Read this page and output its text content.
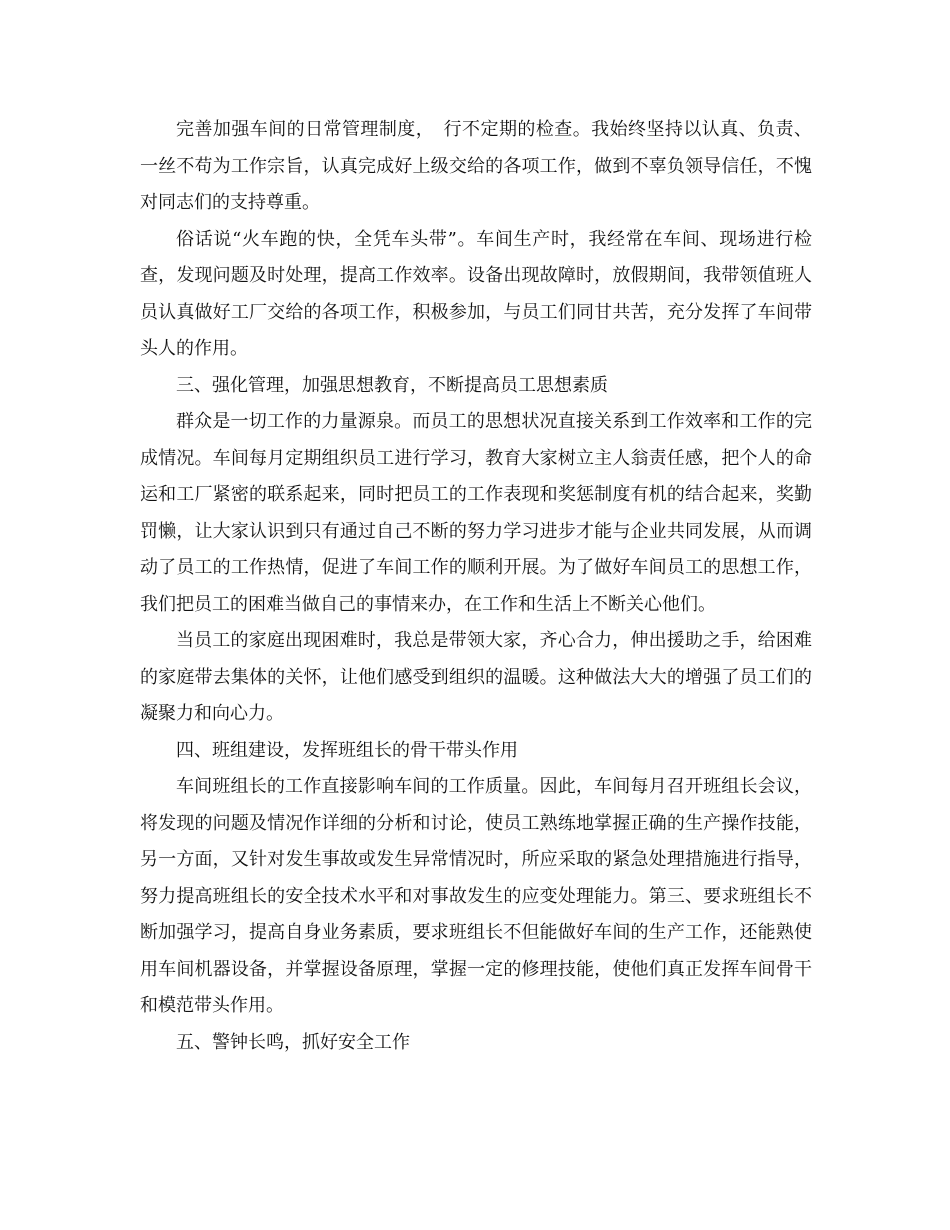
完善加强车间的日常管理制度，　行不定期的检查。我始终坚持以认真、负责、一丝不苟为工作宗旨，认真完成好上级交给的各项工作，做到不辜负领导信任，不愧对同志们的支持尊重。

俗话说“火车跑的快，全凭车头带”。车间生产时，我经常在车间、现场进行检查，发现问题及时处理，提高工作效率。设备出现故障时，放假期间，我带领值班人员认真做好工厂交给的各项工作，积极参加，与员工们同甘共苦，充分发挥了车间带头人的作用。

三、强化管理，加强思想教育，不断提高员工思想素质

群众是一切工作的力量源泉。而员工的思想状况直接关系到工作效率和工作的完成情况。车间每月定期组织员工进行学习，教育大家树立主人翁责任感，把个人的命运和工厂紧密的联系起来，同时把员工的工作表现和奖惩制度有机的结合起来，奖勤罚懒，让大家认识到只有通过自己不断的努力学习进步才能与企业共同发展，从而调动了员工的工作热情，促进了车间工作的顺利开展。为了做好车间员工的思想工作，我们把员工的困难当做自己的事情来办，在工作和生活上不断关心他们。

当员工的家庭出现困难时，我总是带领大家，齐心合力，伸出援助之手，给困难的家庭带去集体的关怀，让他们感受到组织的温暖。这种做法大大的增强了员工们的凝聚力和向心力。

四、班组建设，发挥班组长的骨干带头作用

车间班组长的工作直接影响车间的工作质量。因此，车间每月召开班组长会议，将发现的问题及情况作详细的分析和讨论，使员工熟练地掌握正确的生产操作技能，另一方面，又针对发生事故或发生异常情况时，所应采取的紧急处理措施进行指导，努力提高班组长的安全技术水平和对事故发生的应变处理能力。第三、要求班组长不断加强学习，提高自身业务素质，要求班组长不但能做好车间的生产工作，还能熟使用车间机器设备，并掌握设备原理，掌握一定的修理技能，使他们真正发挥车间骨干和模范带头作用。

五、警钟长鸣，抓好安全工作
